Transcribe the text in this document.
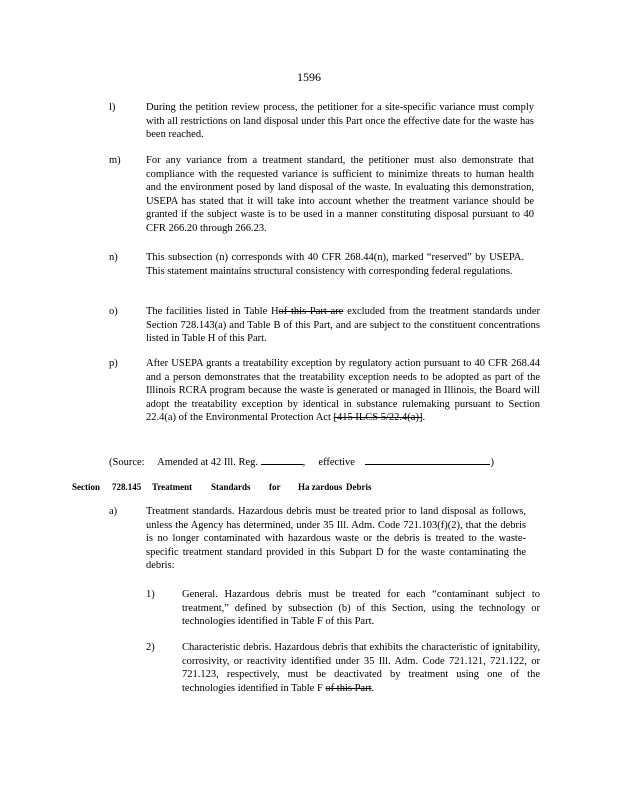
1596
l)	During the petition review process, the petitioner for a site-specific variance must comply with all restrictions on land disposal under this Part once the effective date for the waste has been reached.
m)	For any variance from a treatment standard, the petitioner must also demonstrate that compliance with the requested variance is sufficient to minimize threats to human health and the environment posed by land disposal of the waste. In evaluating this demonstration, USEPA has stated that it will take into account whether the treatment variance should be granted if the subject waste is to be used in a manner constituting disposal pursuant to 40 CFR 266.20 through 266.23.
n)	This subsection (n) corresponds with 40 CFR 268.44(n), marked “reserved” by USEPA. This statement maintains structural consistency with corresponding federal regulations.
o)	The facilities listed in Table Hof this Part are excluded from the treatment standards under Section 728.143(a) and Table B of this Part, and are subject to the constituent concentrations listed in Table H of this Part.
p)	After USEPA grants a treatability exception by regulatory action pursuant to 40 CFR 268.44 and a person demonstrates that the treatability exception needs to be adopted as part of the Illinois RCRA program because the waste is generated or managed in Illinois, the Board will adopt the treatability exception by identical in substance rulemaking pursuant to Section 22.4(a) of the Environmental Protection Act [415 ILCS 5/22.4(a)].
(Source: Amended at 42 Ill. Reg.	,     effective	)
Section 728.145 Treatment Standards for Ha zardous Debris
a)	Treatment standards. Hazardous debris must be treated prior to land disposal as follows, unless the Agency has determined, under 35 Ill. Adm. Code 721.103(f)(2), that the debris is no longer contaminated with hazardous waste or the debris is treated to the waste-specific treatment standard provided in this Subpart D for the waste contaminating the debris:
1)	General. Hazardous debris must be treated for each “contaminant subject to treatment,” defined by subsection (b) of this Section, using the technology or technologies identified in Table F of this Part.
2)	Characteristic debris. Hazardous debris that exhibits the characteristic of ignitability, corrosivity, or reactivity identified under 35 Ill. Adm. Code 721.121, 721.122, or 721.123, respectively, must be deactivated by treatment using one of the technologies identified in Table F of this Part.
